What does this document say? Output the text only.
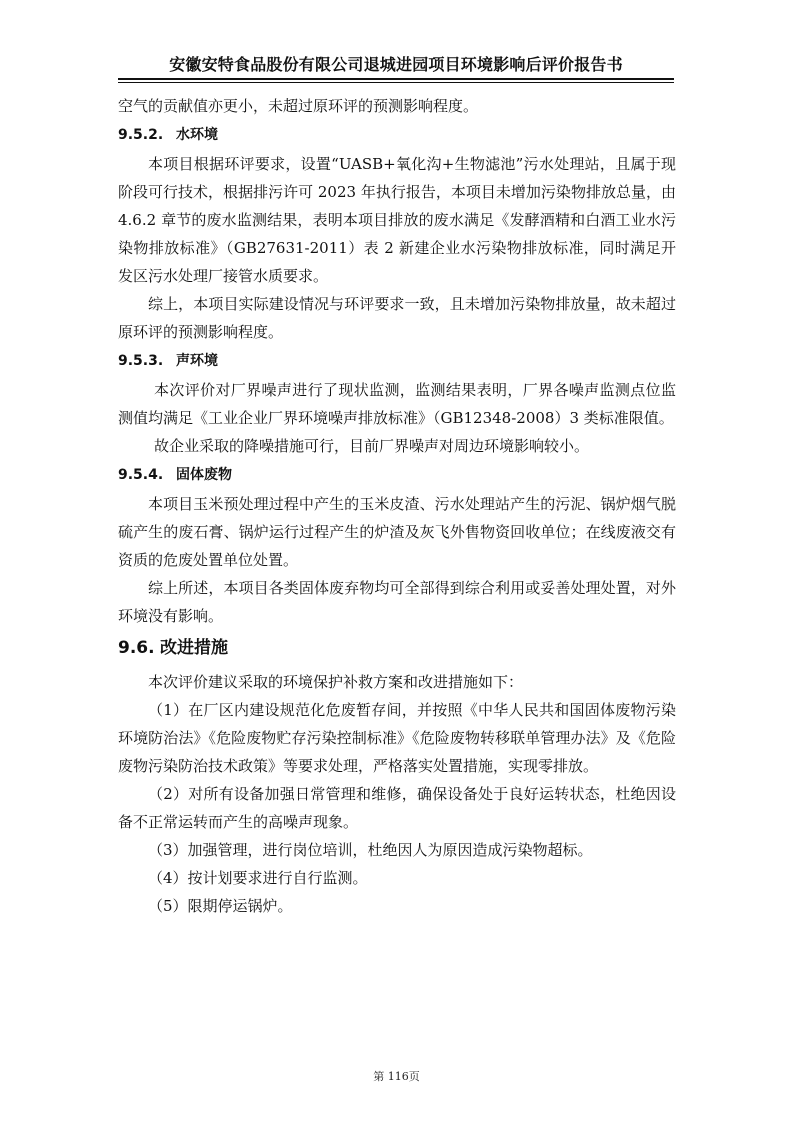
安徽安特食品股份有限公司退城进园项目环境影响后评价报告书

空气的贡献值亦更小，未超过原环评的预测影响程度。

9.5.2. 水环境

本项目根据环评要求，设置“UASB+氧化沟+生物滤池”污水处理站，且属于现阶段可行技术，根据排污许可 2023 年执行报告，本项目未增加污染物排放总量，由 4.6.2 章节的废水监测结果，表明本项目排放的废水满足《发酵酒精和白酒工业水污染物排放标准》（GB27631-2011）表 2 新建企业水污染物排放标准，同时满足开发区污水处理厂接管水质要求。

综上，本项目实际建设情况与环评要求一致，且未增加污染物排放量，故未超过原环评的预测影响程度。

9.5.3. 声环境

本次评价对厂界噪声进行了现状监测，监测结果表明，厂界各噪声监测点位监测值均满足《工业企业厂界环境噪声排放标准》（GB12348-2008）3 类标准限值。

故企业采取的降噪措施可行，目前厂界噪声对周边环境影响较小。

9.5.4. 固体废物

本项目玉米预处理过程中产生的玉米皮渣、污水处理站产生的污泥、锅炉烟气脱硫产生的废石膏、锅炉运行过程产生的炉渣及灰飞外售物资回收单位；在线废液交有资质的危废处置单位处置。

综上所述，本项目各类固体废弃物均可全部得到综合利用或妥善处理处置，对外环境没有影响。

9.6. 改进措施

本次评价建议采取的环境保护补救方案和改进措施如下：

（1）在厂区内建设规范化危废暂存间，并按照《中华人民共和国固体废物污染环境防治法》《危险废物贮存污染控制标准》《危险废物转移联单管理办法》及《危险废物污染防治技术政策》等要求处理，严格落实处置措施，实现零排放。

（2）对所有设备加强日常管理和维修，确保设备处于良好运转状态，杜绝因设备不正常运转而产生的高噪声现象。

（3）加强管理，进行岗位培训，杜绝因人为原因造成污染物超标。

（4）按计划要求进行自行监测。

（5）限期停运锅炉。

第 116页
